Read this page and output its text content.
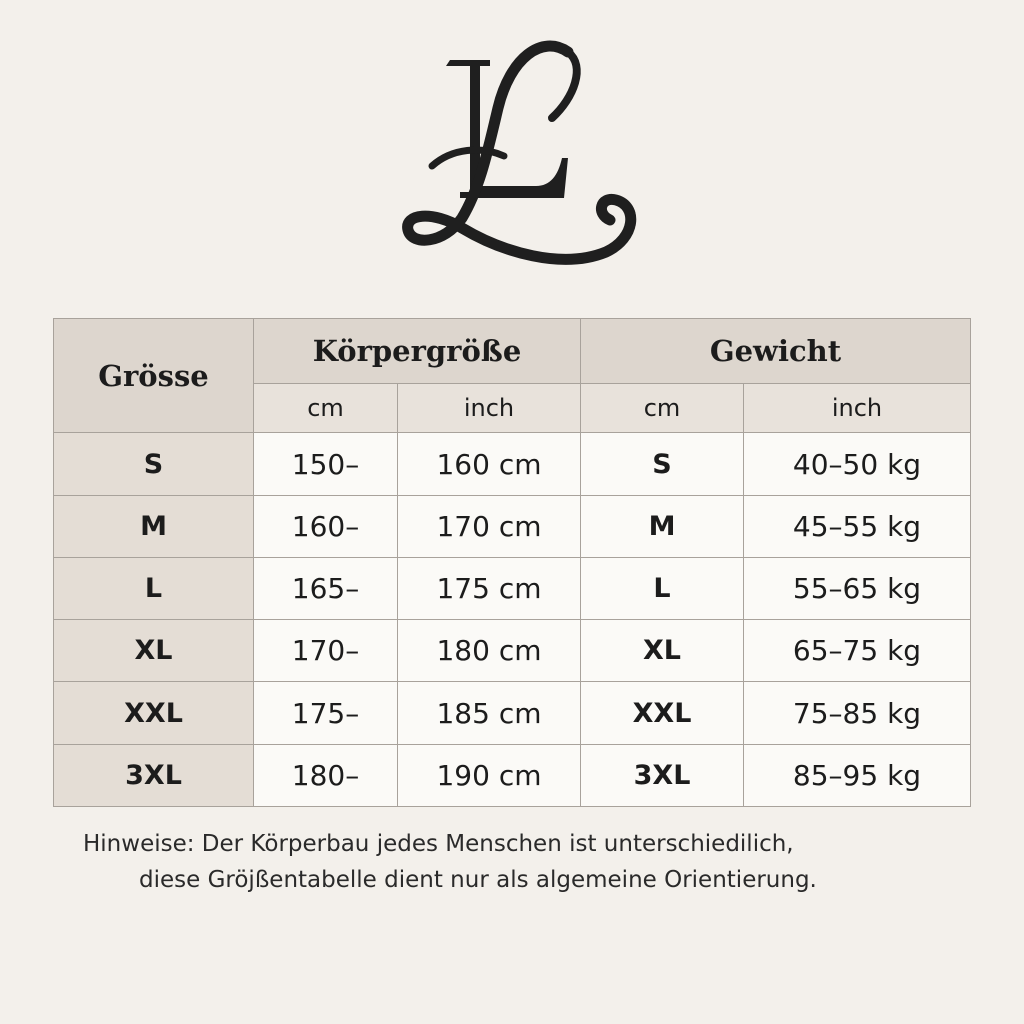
Grösse	Körpergröße		Gewicht	
	cm	inch	cm	inch
S	150–	160 cm	S	40–50 kg
M	160–	170 cm	M	45–55 kg
L	165–	175 cm	L	55–65 kg
XL	170–	180 cm	XL	65–75 kg
XXL	175–	185 cm	XXL	75–85 kg
3XL	180–	190 cm	3XL	85–95 kg
Hinweise: Der Körperbau jedes Menschen ist unterschiedilich,
diese Gröjßentabelle dient nur als algemeine Orientierung.
